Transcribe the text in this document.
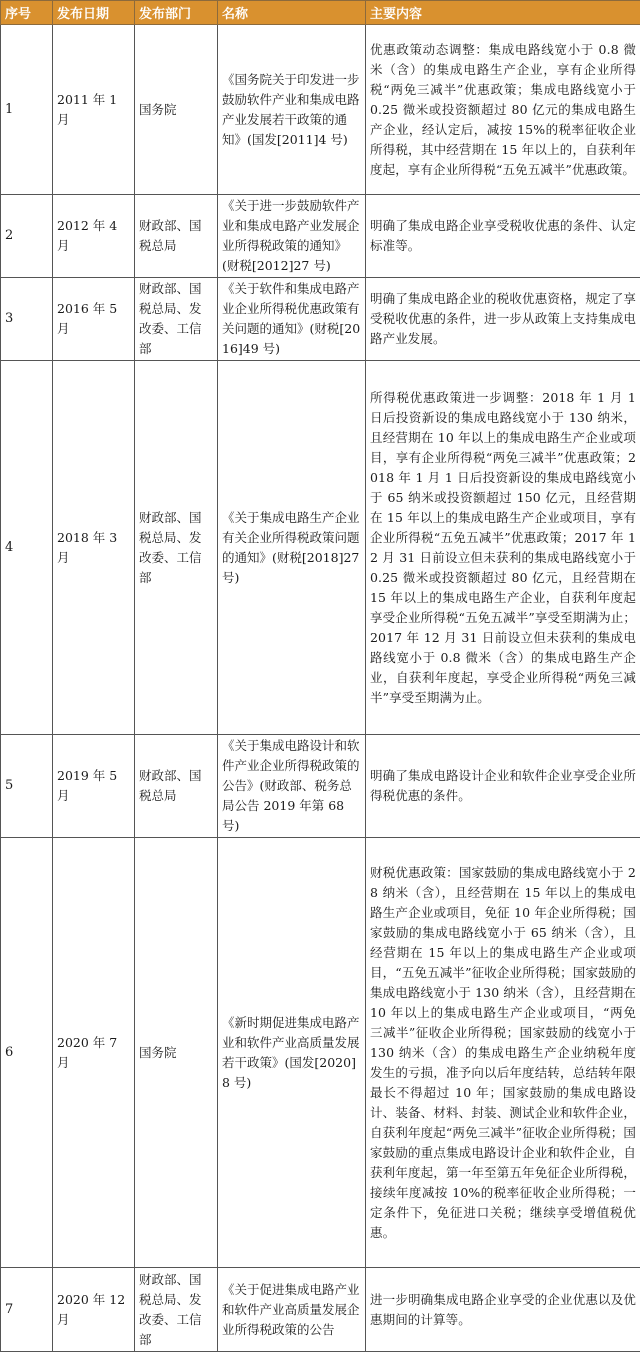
序号	发布日期	发布部门	名称	主要内容
1	2011 年 1 月	国务院	《国务院关于印发进一步鼓励软件产业和集成电路产业发展若干政策的通知》(国发[2011]4 号)	优惠政策动态调整：集成电路线宽小于 0.8 微米（含）的集成电路生产企业，享有企业所得税“两免三减半”优惠政策；集成电路线宽小于 0.25 微米或投资额超过 80 亿元的集成电路生产企业，经认定后，减按 15%的税率征收企业所得税，其中经营期在 15 年以上的，自获利年度起，享有企业所得税“五免五减半”优惠政策。
2	2012 年 4 月	财政部、国税总局	《关于进一步鼓励软件产业和集成电路产业发展企业所得税政策的通知》(财税[2012]27 号)	明确了集成电路企业享受税收优惠的条件、认定标准等。
3	2016 年 5 月	财政部、国税总局、发改委、工信部	《关于软件和集成电路产业企业所得税优惠政策有关问题的通知》(财税[2016]49 号)	明确了集成电路企业的税收优惠资格，规定了享受税收优惠的条件，进一步从政策上支持集成电路产业发展。
4	2018 年 3 月	财政部、国税总局、发改委、工信部	《关于集成电路生产企业有关企业所得税政策问题的通知》(财税[2018]27 号)	所得税优惠政策进一步调整：2018 年 1 月 1 日后投资新设的集成电路线宽小于 130 纳米，且经营期在 10 年以上的集成电路生产企业或项目，享有企业所得税“两免三减半”优惠政策；2018 年 1 月 1 日后投资新设的集成电路线宽小于 65 纳米或投资额超过 150 亿元，且经营期在 15 年以上的集成电路生产企业或项目，享有企业所得税“五免五减半”优惠政策；2017 年 12 月 31 日前设立但未获利的集成电路线宽小于 0.25 微米或投资额超过 80 亿元，且经营期在 15 年以上的集成电路生产企业，自获利年度起享受企业所得税“五免五减半”享受至期满为止；2017 年 12 月 31 日前设立但未获利的集成电路线宽小于 0.8 微米（含）的集成电路生产企业，自获利年度起，享受企业所得税“两免三减半”享受至期满为止。
5	2019 年 5 月	财政部、国税总局	《关于集成电路设计和软件产业企业所得税政策的公告》(财政部、税务总局公告 2019 年第 68 号)	明确了集成电路设计企业和软件企业享受企业所得税优惠的条件。
6	2020 年 7 月	国务院	《新时期促进集成电路产业和软件产业高质量发展若干政策》(国发[2020]8 号)	财税优惠政策：国家鼓励的集成电路线宽小于 28 纳米（含），且经营期在 15 年以上的集成电路生产企业或项目，免征 10 年企业所得税；国家鼓励的集成电路线宽小于 65 纳米（含），且经营期在 15 年以上的集成电路生产企业或项目，“五免五减半”征收企业所得税；国家鼓励的集成电路线宽小于 130 纳米（含），且经营期在 10 年以上的集成电路生产企业或项目，“两免三减半”征收企业所得税；国家鼓励的线宽小于 130 纳米（含）的集成电路生产企业纳税年度发生的亏损，准予向以后年度结转，总结转年限最长不得超过 10 年；国家鼓励的集成电路设计、装备、材料、封装、测试企业和软件企业，自获利年度起“两免三减半”征收企业所得税；国家鼓励的重点集成电路设计企业和软件企业，自获利年度起，第一年至第五年免征企业所得税，接续年度减按 10%的税率征收企业所得税；一定条件下，免征进口关税；继续享受增值税优惠。
7	2020 年 12 月	财政部、国税总局、发改委、工信部	《关于促进集成电路产业和软件产业高质量发展企业所得税政策的公告	进一步明确集成电路企业享受的企业优惠以及优惠期间的计算等。
